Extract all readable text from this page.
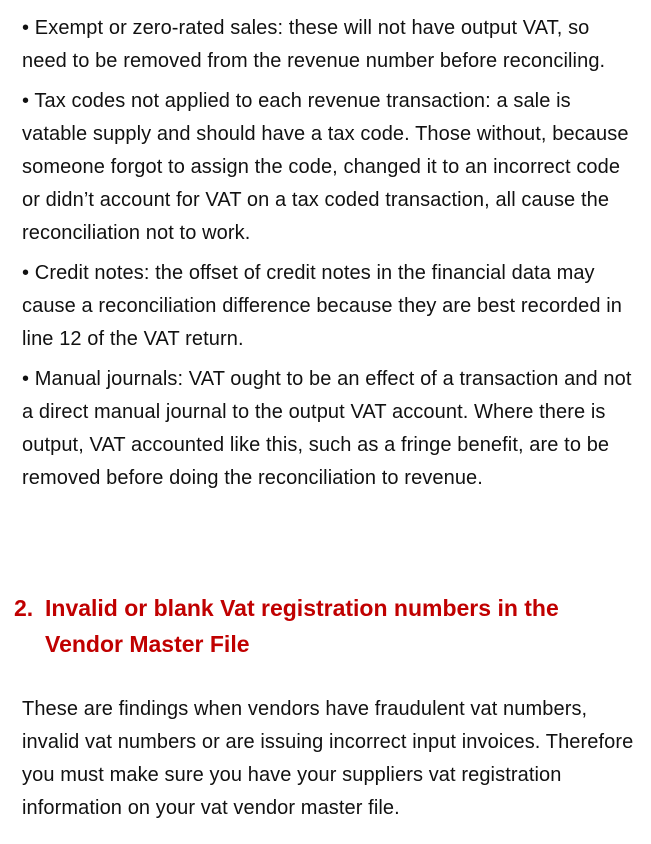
• Exempt or zero-rated sales: these will not have output VAT, so need to be removed from the revenue number before reconciling.

• Tax codes not applied to each revenue transaction: a sale is vatable supply and should have a tax code. Those without, because someone forgot to assign the code, changed it to an incorrect code or didn’t account for VAT on a tax coded transaction, all cause the reconciliation not to work.

• Credit notes: the offset of credit notes in the financial data may cause a reconciliation difference because they are best recorded in line 12 of the VAT return.

• Manual journals: VAT ought to be an effect of a transaction and not a direct manual journal to the output VAT account. Where there is output, VAT accounted like this, such as a fringe benefit, are to be removed before doing the reconciliation to revenue.

2. Invalid or blank Vat registration numbers in the Vendor Master File

These are findings when vendors have fraudulent vat numbers, invalid vat numbers or are issuing incorrect input invoices. Therefore you must make sure you have your suppliers vat registration information on your vat vendor master file.
